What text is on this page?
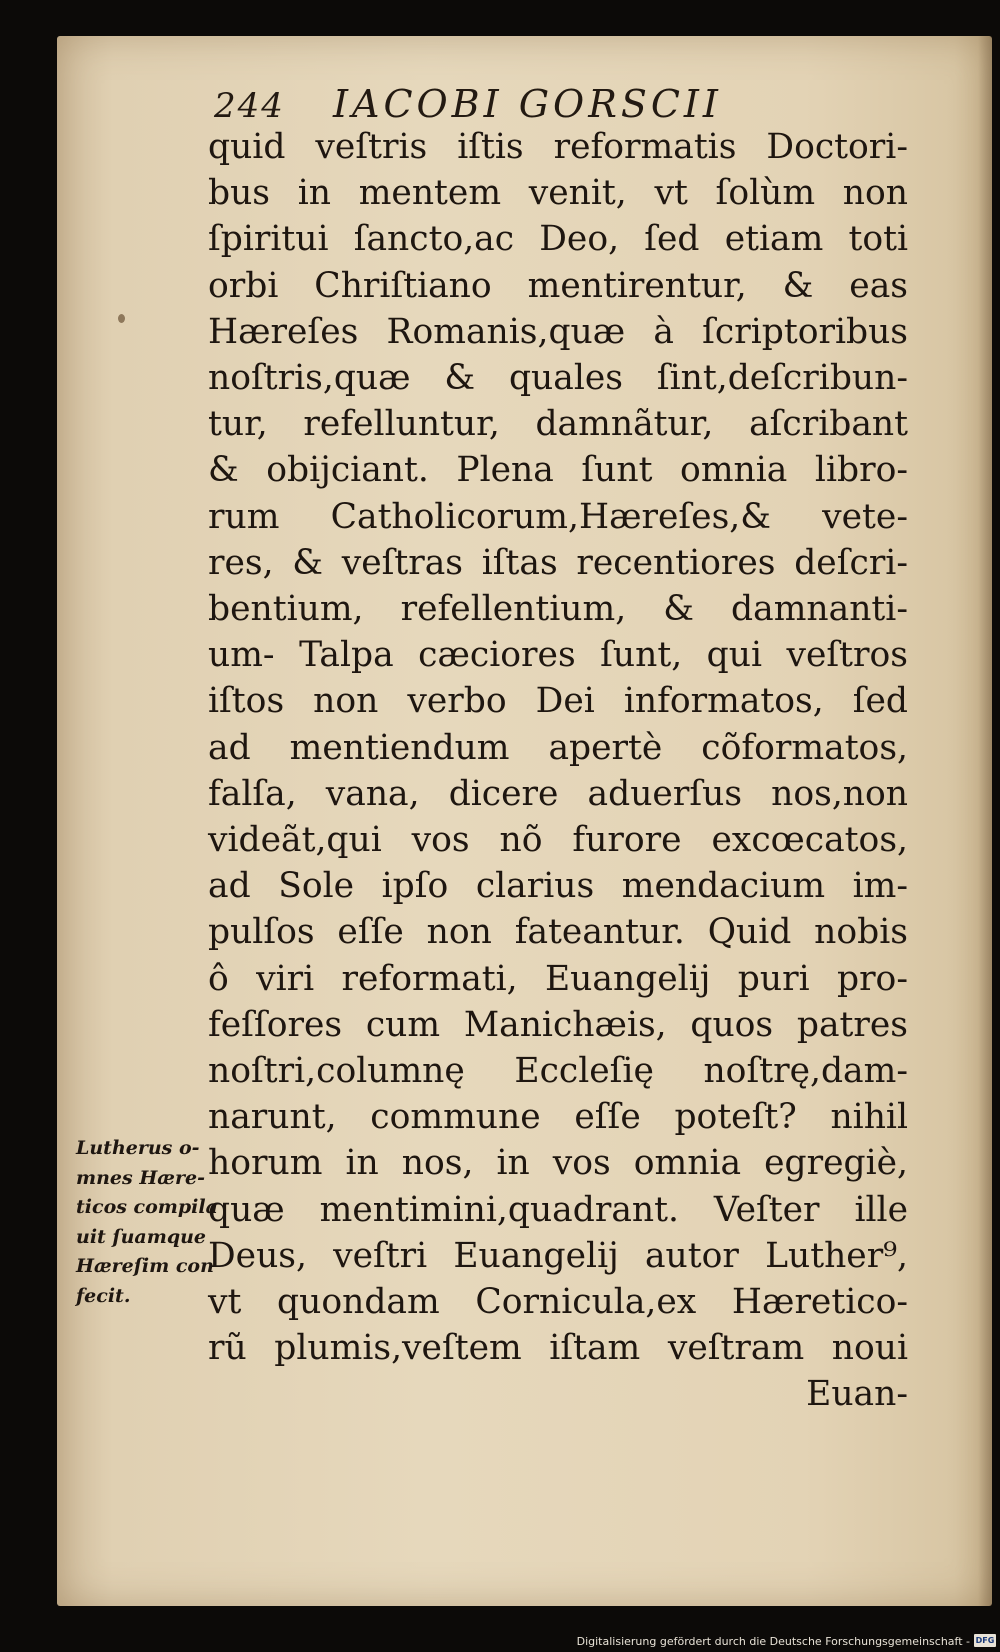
244 IACOBI GORSCII
quid veſtris iſtis reformatis Doctori-
bus in mentem venit, vt ſolùm non
ſpiritui ſancto,ac Deo, ſed etiam toti
orbi Chriſtiano mentirentur, & eas
Hæreſes Romanis,quæ à ſcriptoribus
noſtris,quæ & quales ſint,deſcribun-
tur, refelluntur, damnãtur, aſcribant
& obijciant. Plena ſunt omnia libro-
rum Catholicorum,Hæreſes,& vete-
res, & veſtras iſtas recentiores deſcri-
bentium, refellentium, & damnanti-
um- Talpa cæciores ſunt, qui veſtros
iſtos non verbo Dei informatos, ſed
ad mentiendum apertè cõformatos,
falſa, vana, dicere aduerſus nos,non
videãt,qui vos nõ furore excœcatos,
ad Sole ipſo clarius mendacium im-
pulſos eſſe non fateantur. Quid nobis
ô viri reformati, Euangelij puri pro-
feſſores cum Manichæis, quos patres
noſtri,columnę Eccleſię noſtrę,dam-
narunt, commune eſſe poteſt? nihil
horum in nos, in vos omnia egregiè,
quæ mentimini,quadrant. Veſter ille
Deus, veſtri Euangelij autor Luther⁹,
vt quondam Cornicula,ex Hæretico-
rũ plumis,veſtem iſtam veſtram noui
Euan-
Lutherus o-
mnes Hære-
ticos compila
uit ſuamque
Hæreſim con
fecit.
Digitalisierung gefördert durch die Deutsche Forschungsgemeinschaft - DFG
